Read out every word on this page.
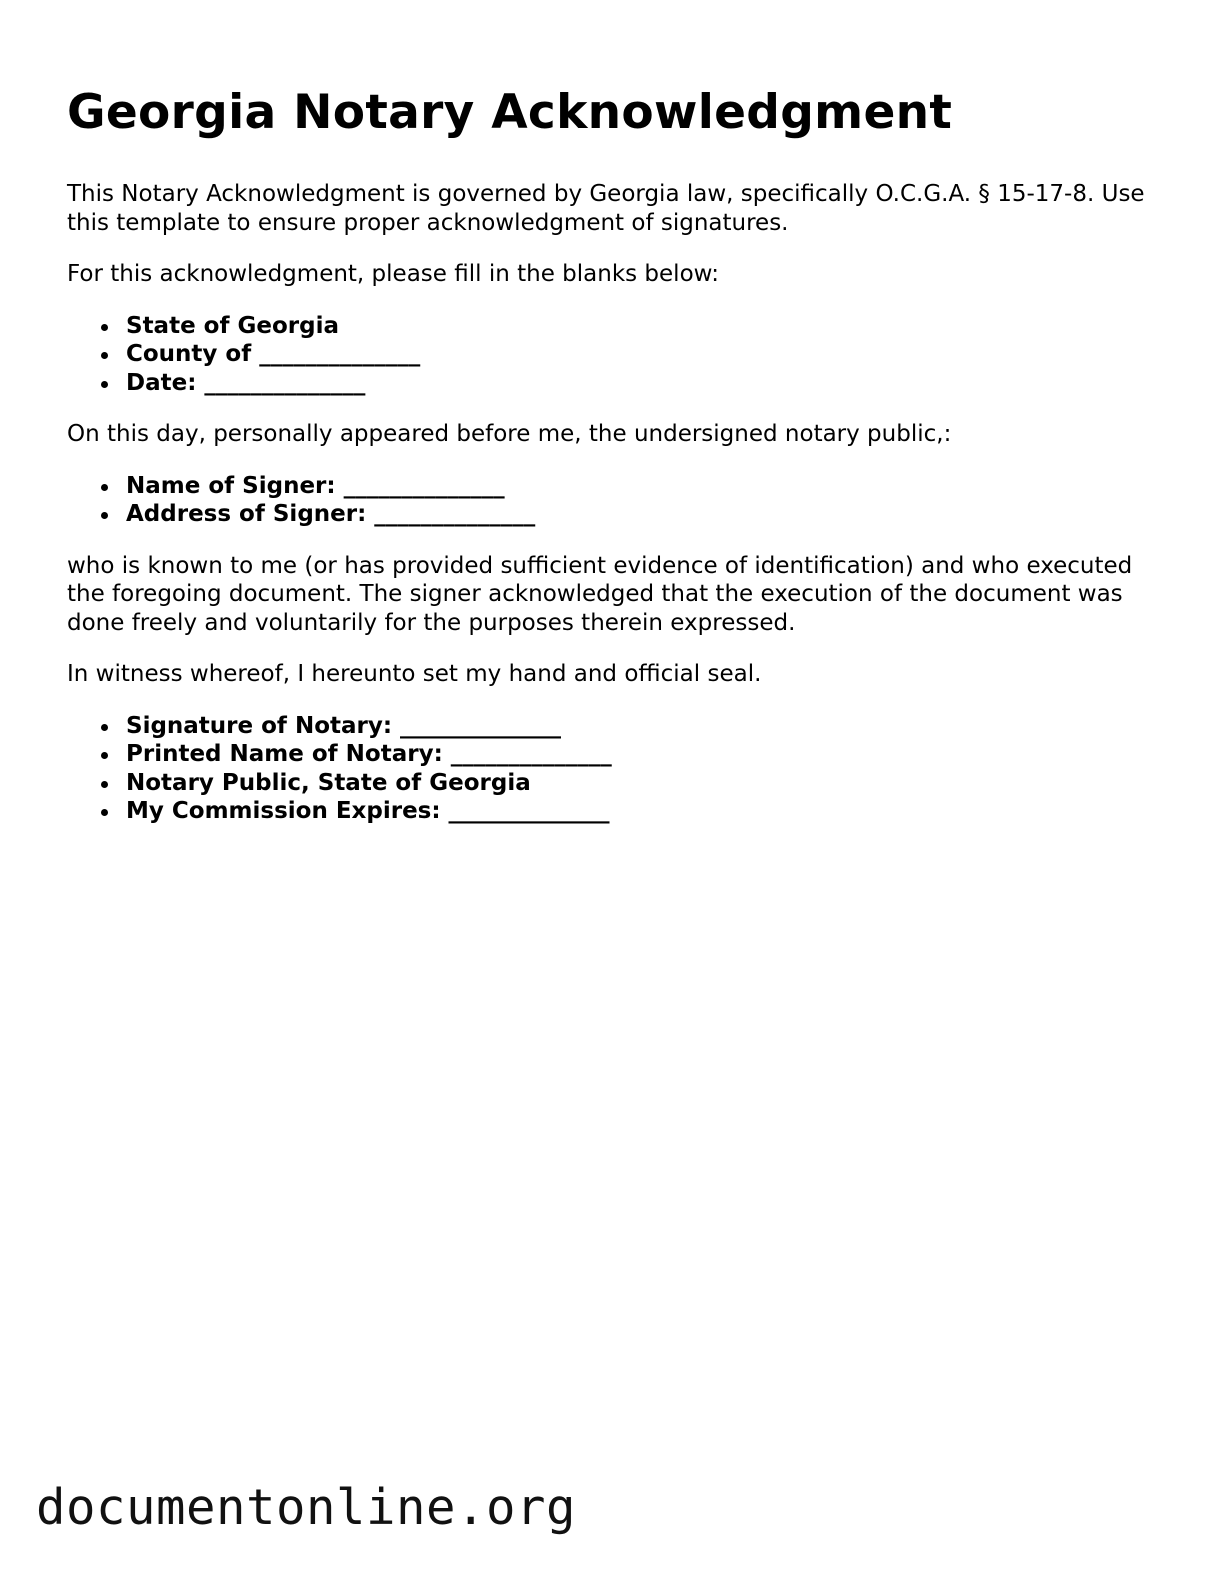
Georgia Notary Acknowledgment

This Notary Acknowledgment is governed by Georgia law, specifically O.C.G.A. § 15-17-8. Use this template to ensure proper acknowledgment of signatures.

For this acknowledgment, please fill in the blanks below:

State of Georgia
County of ______________
Date: ______________

On this day, personally appeared before me, the undersigned notary public,:

Name of Signer: ______________
Address of Signer: ______________

who is known to me (or has provided sufficient evidence of identification) and who executed the foregoing document. The signer acknowledged that the execution of the document was done freely and voluntarily for the purposes therein expressed.

In witness whereof, I hereunto set my hand and official seal.

Signature of Notary: ______________
Printed Name of Notary: ______________
Notary Public, State of Georgia
My Commission Expires: ______________
documentonline.org
